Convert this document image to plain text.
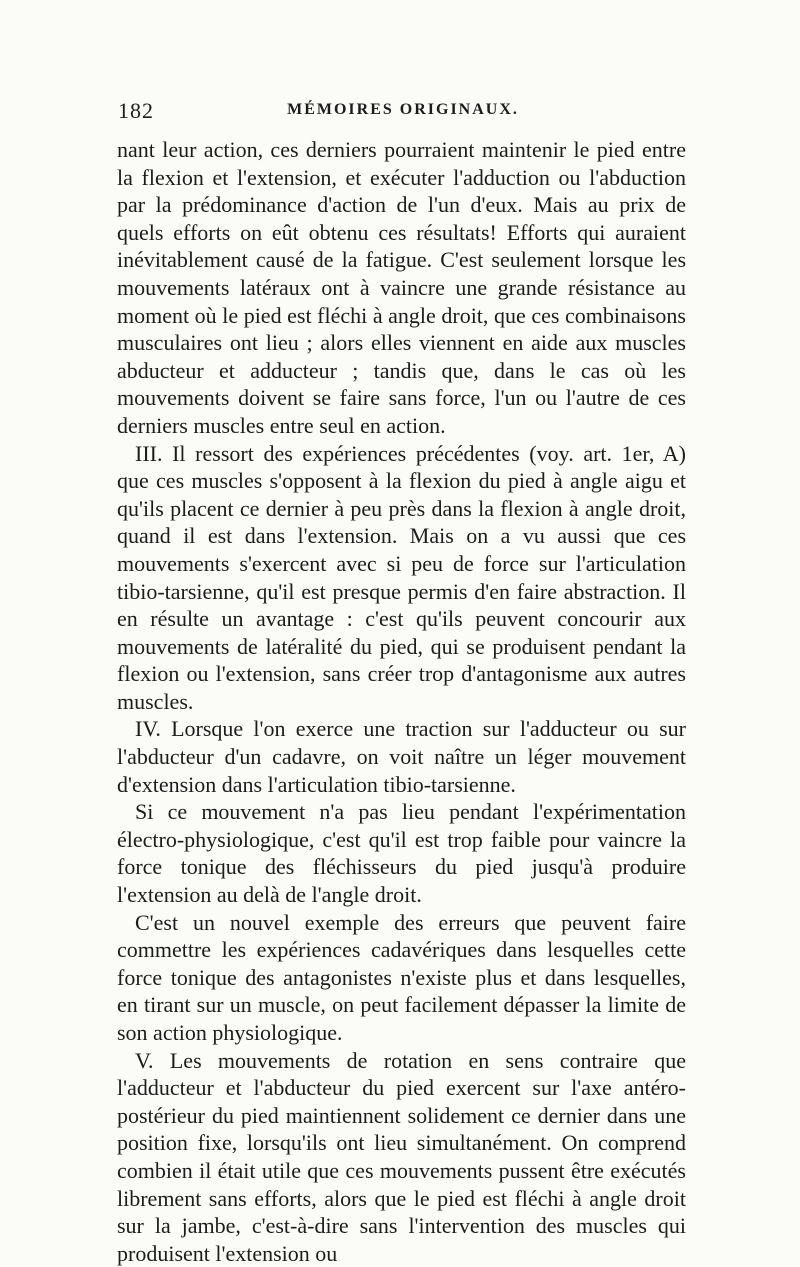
182	MÉMOIRES ORIGINAUX.

nant leur action, ces derniers pourraient maintenir le pied entre la flexion et l'extension, et exécuter l'adduction ou l'abduction par la prédominance d'action de l'un d'eux. Mais au prix de quels efforts on eût obtenu ces résultats! Efforts qui auraient inévitablement causé de la fatigue. C'est seulement lorsque les mouvements latéraux ont à vaincre une grande résistance au moment où le pied est fléchi à angle droit, que ces combinaisons musculaires ont lieu ; alors elles viennent en aide aux muscles abducteur et adducteur ; tandis que, dans le cas où les mouvements doivent se faire sans force, l'un ou l'autre de ces derniers muscles entre seul en action.

III. Il ressort des expériences précédentes (voy. art. 1er, A) que ces muscles s'opposent à la flexion du pied à angle aigu et qu'ils placent ce dernier à peu près dans la flexion à angle droit, quand il est dans l'extension. Mais on a vu aussi que ces mouvements s'exercent avec si peu de force sur l'articulation tibio-tarsienne, qu'il est presque permis d'en faire abstraction. Il en résulte un avantage : c'est qu'ils peuvent concourir aux mouvements de latéralité du pied, qui se produisent pendant la flexion ou l'extension, sans créer trop d'antagonisme aux autres muscles.

IV. Lorsque l'on exerce une traction sur l'adducteur ou sur l'abducteur d'un cadavre, on voit naître un léger mouvement d'extension dans l'articulation tibio-tarsienne.

Si ce mouvement n'a pas lieu pendant l'expérimentation électro-physiologique, c'est qu'il est trop faible pour vaincre la force tonique des fléchisseurs du pied jusqu'à produire l'extension au delà de l'angle droit.

C'est un nouvel exemple des erreurs que peuvent faire commettre les expériences cadavériques dans lesquelles cette force tonique des antagonistes n'existe plus et dans lesquelles, en tirant sur un muscle, on peut facilement dépasser la limite de son action physiologique.

V. Les mouvements de rotation en sens contraire que l'adducteur et l'abducteur du pied exercent sur l'axe antéro-postérieur du pied maintiennent solidement ce dernier dans une position fixe, lorsqu'ils ont lieu simultanément. On comprend combien il était utile que ces mouvements pussent être exécutés librement sans efforts, alors que le pied est fléchi à angle droit sur la jambe, c'est-à-dire sans l'intervention des muscles qui produisent l'extension ou
